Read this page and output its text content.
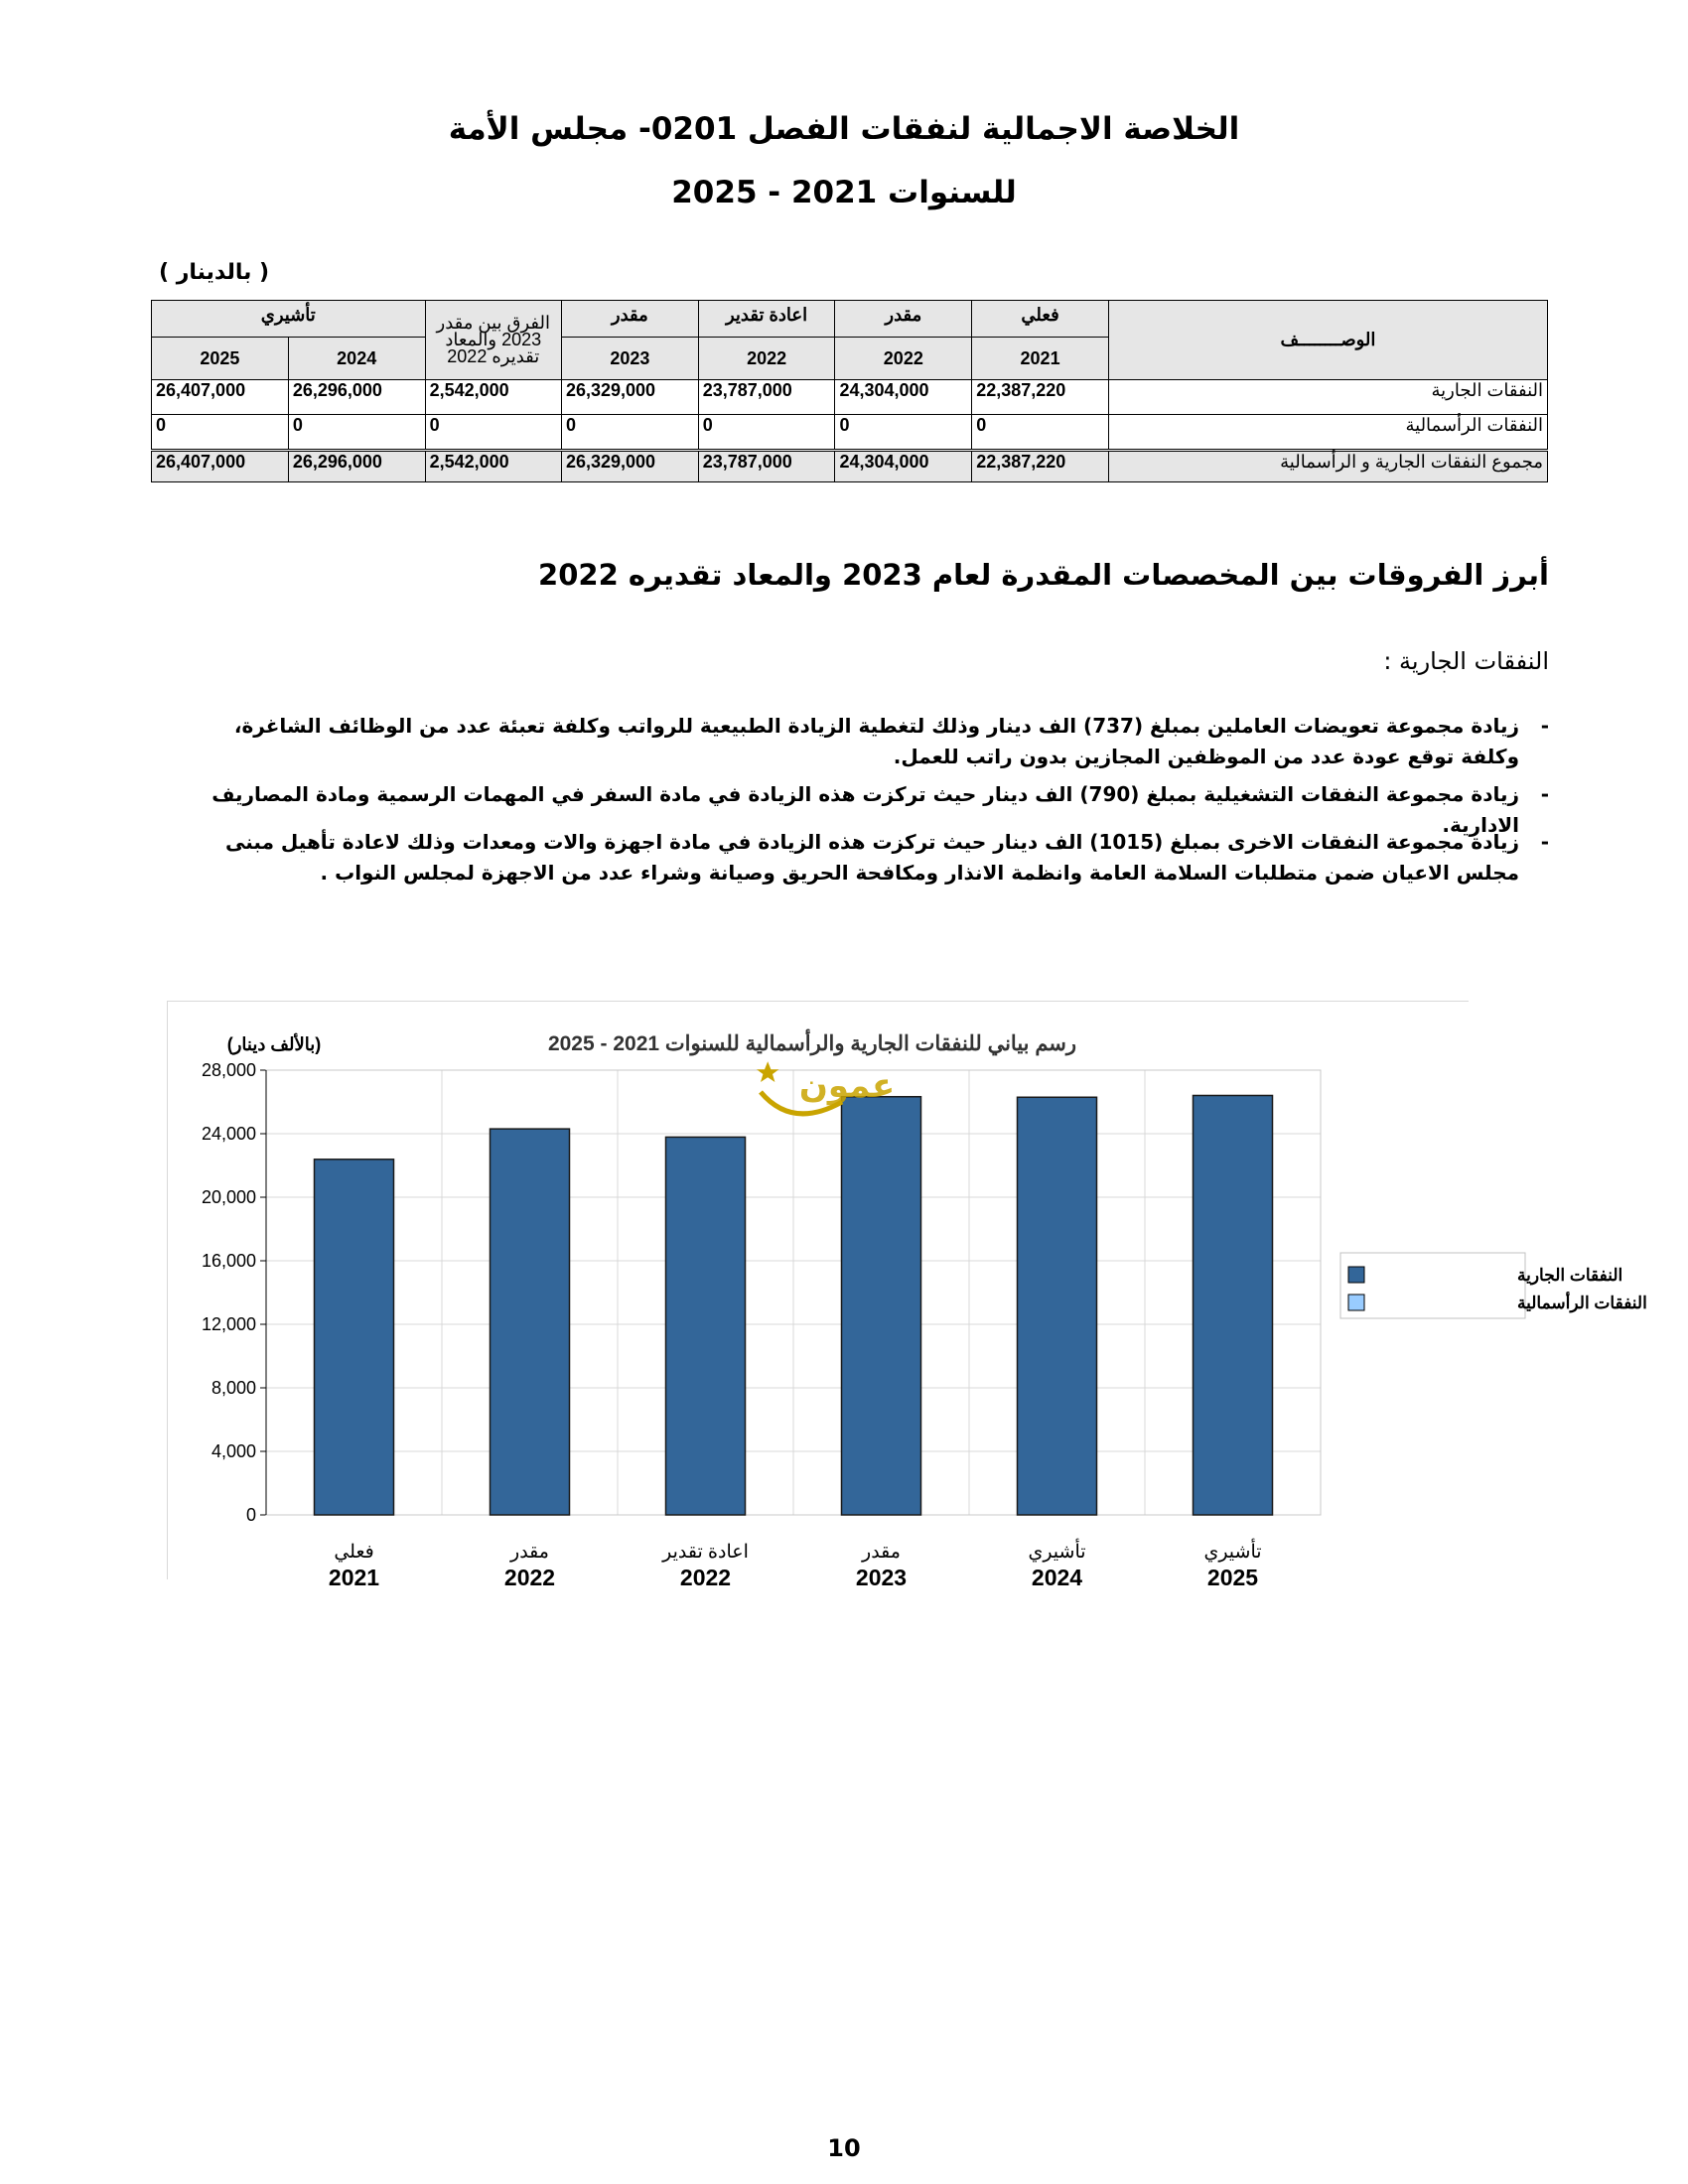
الخلاصة الاجمالية لنفقات الفصل 0201- مجلس الأمة
للسنوات 2021 - 2025
( بالدينار )
الوصــــــــف	فعلي	مقدر	اعادة تقدير	مقدر	الفرق بين مقدر 2023 والمعاد تقديره 2022	تأشيري	
	2021	2022	2022	2023		2024	2025
النفقات الجارية	22,387,220	24,304,000	23,787,000	26,329,000	2,542,000	26,296,000	26,407,000
النفقات الرأسمالية	0	0	0	0	0	0	0
مجموع النفقات الجارية و الرأسمالية	22,387,220	24,304,000	23,787,000	26,329,000	2,542,000	26,296,000	26,407,000
أبرز الفروقات بين المخصصات المقدرة لعام 2023 والمعاد تقديره 2022
النفقات الجارية :
- زيادة مجموعة تعويضات العاملين بمبلغ (737) الف دينار وذلك لتغطية الزيادة الطبيعية للرواتب وكلفة تعبئة عدد من الوظائف الشاغرة، وكلفة توقع عودة عدد من الموظفين المجازين بدون راتب للعمل.
- زيادة مجموعة النفقات التشغيلية بمبلغ (790) الف دينار حيث تركزت هذه الزيادة في مادة السفر في المهمات الرسمية ومادة المصاريف الادارية.
- زيادة مجموعة النفقات الاخرى بمبلغ (1015) الف دينار حيث تركزت هذه الزيادة في مادة اجهزة والات ومعدات وذلك لاعادة تأهيل مبنى مجلس الاعيان ضمن متطلبات السلامة العامة وانظمة الانذار ومكافحة الحريق وصيانة وشراء عدد من الاجهزة لمجلس النواب .
0
4,000
8,000
12,000
16,000
20,000
24,000
28,000
فعلي
2021
مقدر
2022
اعادة تقدير
2022
مقدر
2023
تأشيري
2024
تأشيري
2025
رسم بياني للنفقات الجارية والرأسمالية للسنوات 2021 - 2025
(بالألف دينار)
النفقات الجارية
النفقات الرأسمالية
عمون
10
